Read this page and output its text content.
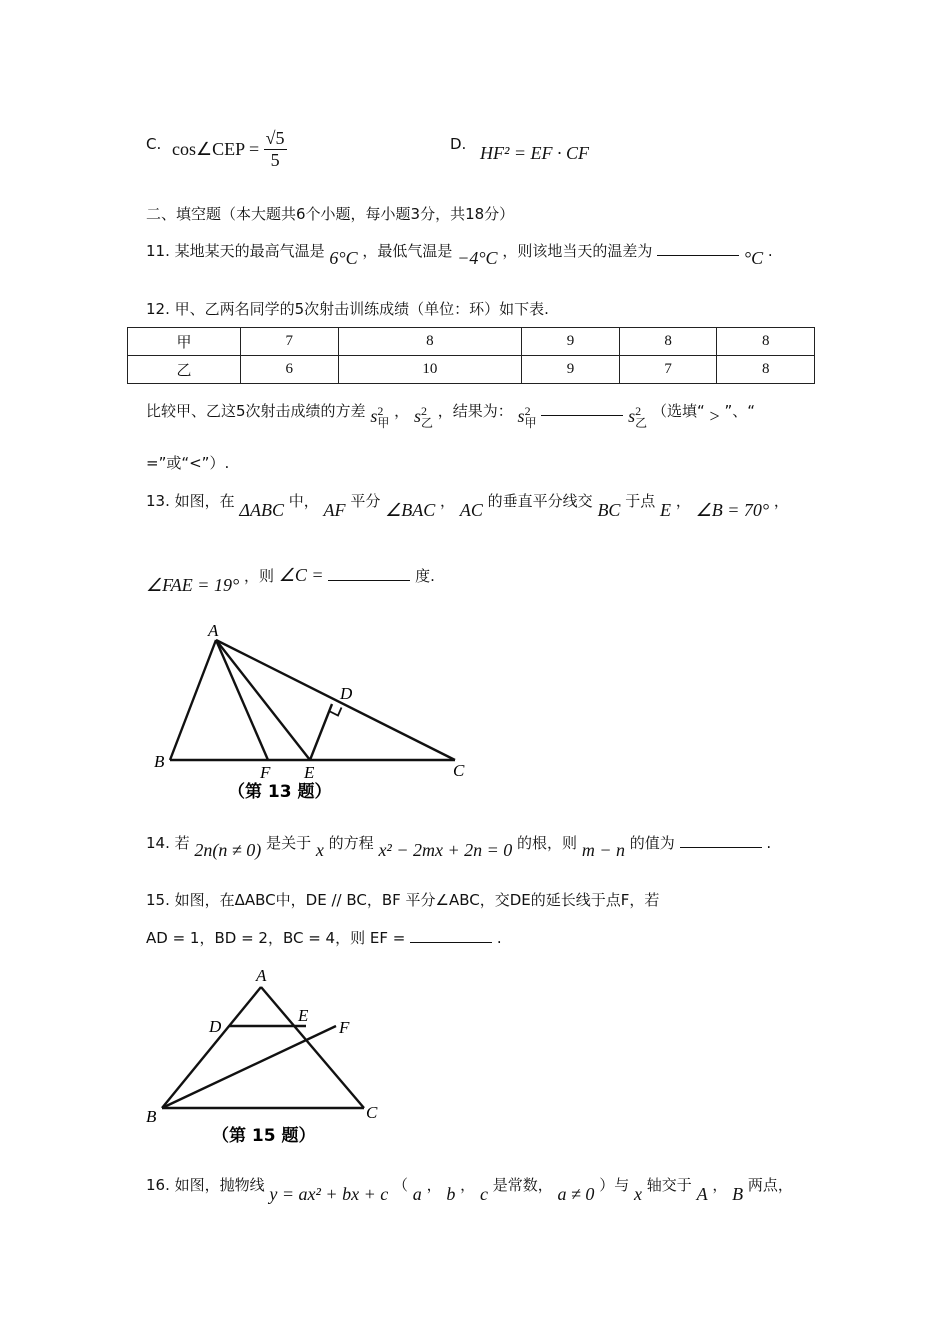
C. cos∠CEP = $\frac{√5}{5}$	D. HF² = EF · CF
二、填空题（本大题共6个小题，每小题3分，共18分）
11. 某地某天的最高气温是 6°C ，最低气温是 −4°C ，则该地当天的温差为	°C .
12. 甲、乙两名同学的5次射击训练成绩（单位：环）如下表.
甲	7	8	9	8	8
乙	6	10	9	7	8
比较甲、乙这5次射击成绩的方差 $s^2_甲$ ， $s^2_乙$ ，结果为： $s^2_甲$	$s^2_乙$ （选填“ > ”、“
=”或“<”）.
13. 如图，在 ΔABC 中， AF 平分 ∠BAC ， AC 的垂直平分线交 BC 于点 E ， ∠B = 70° ，
∠FAE = 19° ，则 ∠C =	度.
A
B	C
D
E
F
（第 13 题）
14. 若 2n(n ≠ 0) 是关于 x 的方程 x² − 2mx + 2n = 0 的根，则 m − n 的值为	.
15. 如图，在ΔABC中，DE // BC，BF 平分∠ABC，交DE的延长线于点F，若
AD = 1，BD = 2，BC = 4，则 EF =	.
A
B	C
D
E
F
（第 15 题）
16. 如图，抛物线 y = ax² + bx + c （ a ， b ， c 是常数， a ≠ 0 ）与 x 轴交于 A ， B 两点，
